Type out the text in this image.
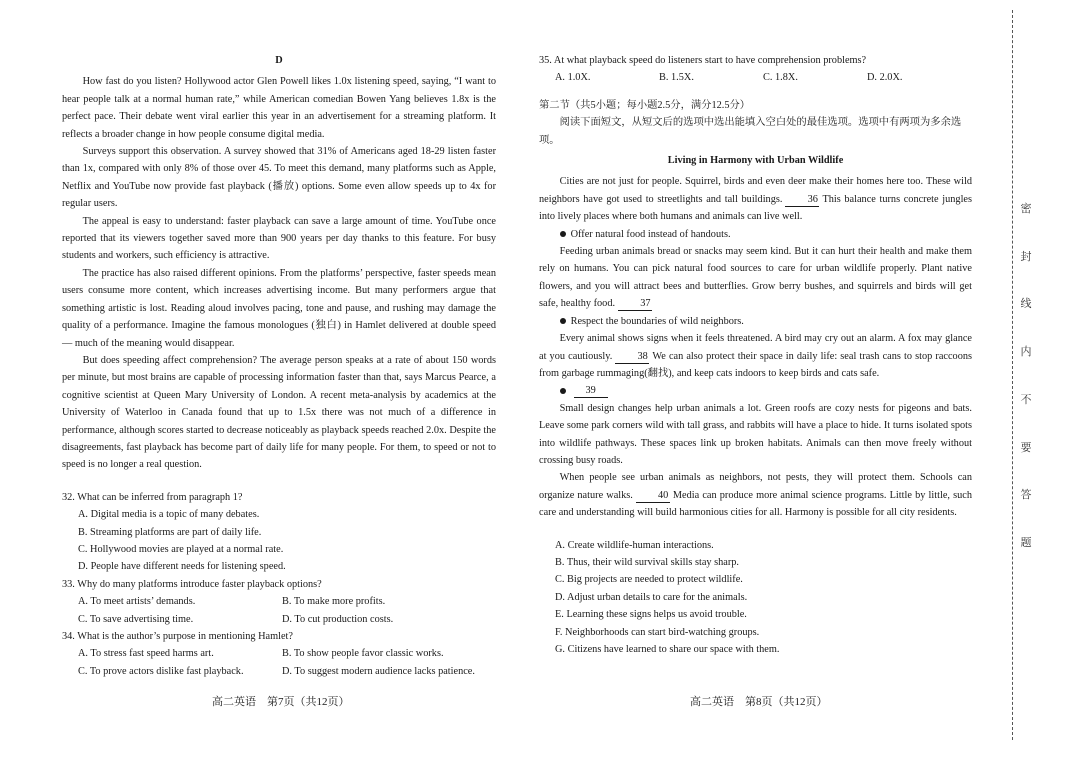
D

How fast do you listen? Hollywood actor Glen Powell likes 1.0x listening speed, saying, “I want to hear people talk at a normal human rate,” while American comedian Bowen Yang believes 1.8x is the perfect pace. Their debate went viral earlier this year in an advertisement for a streaming platform. It reflects a broader change in how people consume digital media.

Surveys support this observation. A survey showed that 31% of Americans aged 18-29 listen faster than 1x, compared with only 8% of those over 45. To meet this demand, many platforms such as Apple, Netflix and YouTube now provide fast playback (播放) options. Some even allow speeds up to 4x for regular users.

The appeal is easy to understand: faster playback can save a large amount of time. YouTube once reported that its viewers together saved more than 900 years per day thanks to this feature. For busy students and workers, such efficiency is attractive.

The practice has also raised different opinions. From the platforms’ perspective, faster speeds mean users consume more content, which increases advertising income. But many performers argue that something artistic is lost. Reading aloud involves pacing, tone and pause, and rushing may damage the quality of a performance. Imagine the famous monologues (独白) in Hamlet delivered at double speed — much of the meaning would disappear.

But does speeding affect comprehension? The average person speaks at a rate of about 150 words per minute, but most brains are capable of processing information faster than that, says Marcus Pearce, a cognitive scientist at Queen Mary University of London. A recent meta-analysis by academics at the University of Waterloo in Canada found that up to 1.5x there was not much of a difference in performance, although scores started to decrease noticeably as playback speeds reached 2.0x. Despite the disagreements, fast playback has become part of daily life for many people. For them, to speed or not to speed is no longer a real question.

32. What can be inferred from paragraph 1?

A. Digital media is a topic of many debates.

B. Streaming platforms are part of daily life.

C. Hollywood movies are played at a normal rate.

D. People have different needs for listening speed.

33. Why do many platforms introduce faster playback options?

A. To meet artists’ demands.	B. To make more profits.
C. To save advertising time.	D. To cut production costs.

34. What is the author’s purpose in mentioning Hamlet?

A. To stress fast speed harms art.	B. To show people favor classic works.
C. To prove actors dislike fast playback.	D. To suggest modern audience lacks patience.
高二英语　第7页（共12页）

35. At what playback speed do listeners start to have comprehension problems?

A. 1.0X.	B. 1.5X.	C. 1.8X.	D. 2.0X.

第二节（共5小题；每小题2.5分，满分12.5分）

阅读下面短文，从短文后的选项中选出能填入空白处的最佳选项。选项中有两项为多余选项。

Living in Harmony with Urban Wildlife

Cities are not just for people. Squirrel, birds and even deer make their homes here too. These wild neighbors have got used to streetlights and tall buildings. 36 This balance turns concrete jungles into lively places where both humans and animals can live well.

Offer natural food instead of handouts.

Feeding urban animals bread or snacks may seem kind. But it can hurt their health and make them rely on humans. You can pick natural food sources to care for urban wildlife properly. Plant native flowers, and you will attract bees and butterflies. Grow berry bushes, and squirrels and birds will get safe, healthy food. 37

Respect the boundaries of wild neighbors.

Every animal shows signs when it feels threatened. A bird may cry out an alarm. A fox may glance at you cautiously. 38 We can also protect their space in daily life: seal trash cans to stop raccoons from garbage rummaging(翻找), and keep cats indoors to keep birds and cats safe.

39

Small design changes help urban animals a lot. Green roofs are cozy nests for pigeons and bats. Leave some park corners wild with tall grass, and rabbits will have a place to hide. It turns isolated spots into wildlife pathways. These spaces link up broken habitats. Animals can then move freely without crossing busy roads.

When people see urban animals as neighbors, not pests, they will protect them. Schools can organize nature walks. 40 Media can produce more animal science programs. Little by little, such care and understanding will build harmonious cities for all. Harmony is possible for all city residents.

A. Create wildlife-human interactions.

B. Thus, their wild survival skills stay sharp.

C. Big projects are needed to protect wildlife.

D. Adjust urban details to care for the animals.

E. Learning these signs helps us avoid trouble.

F. Neighborhoods can start bird-watching groups.

G. Citizens have learned to share our space with them.

高二英语　第8页（共12页）
密
封
线
内
不
要
答
题
